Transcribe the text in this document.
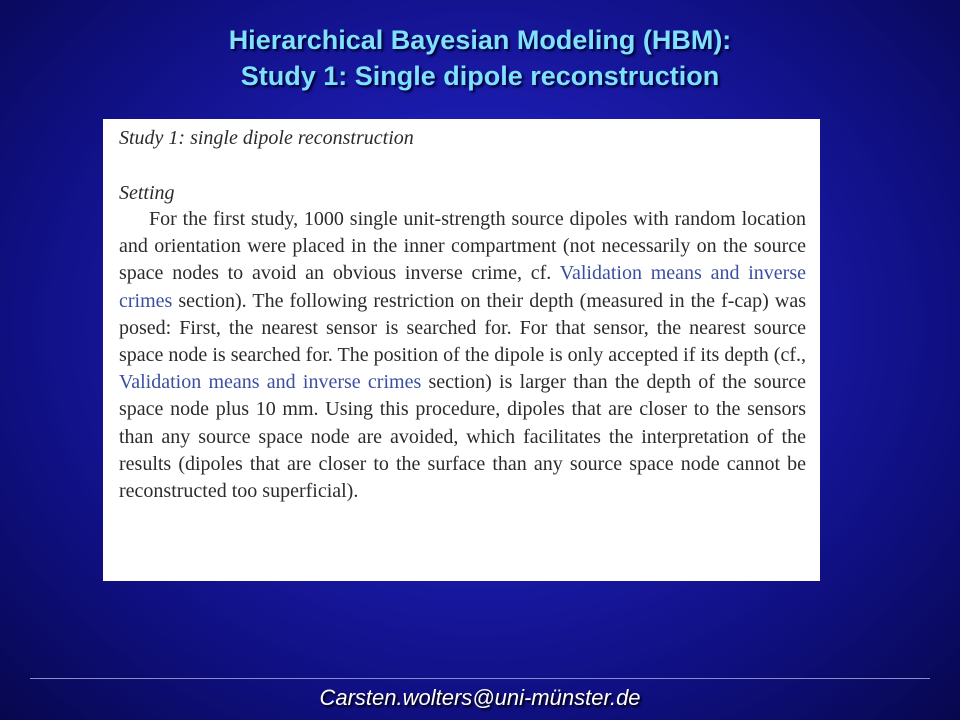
Hierarchical Bayesian Modeling (HBM):
Study 1: Single dipole reconstruction
Study 1: single dipole reconstruction
Setting

For the first study, 1000 single unit-strength source dipoles with random location and orientation were placed in the inner compartment (not necessarily on the source space nodes to avoid an obvious inverse crime, cf. Validation means and inverse crimes section). The following restriction on their depth (measured in the f-cap) was posed: First, the nearest sensor is searched for. For that sensor, the nearest source space node is searched for. The position of the dipole is only accepted if its depth (cf., Validation means and inverse crimes section) is larger than the depth of the source space node plus 10 mm. Using this procedure, dipoles that are closer to the sensors than any source space node are avoided, which facilitates the interpretation of the results (dipoles that are closer to the surface than any source space node cannot be reconstructed too superficial).

Carsten.wolters@uni-münster.de
